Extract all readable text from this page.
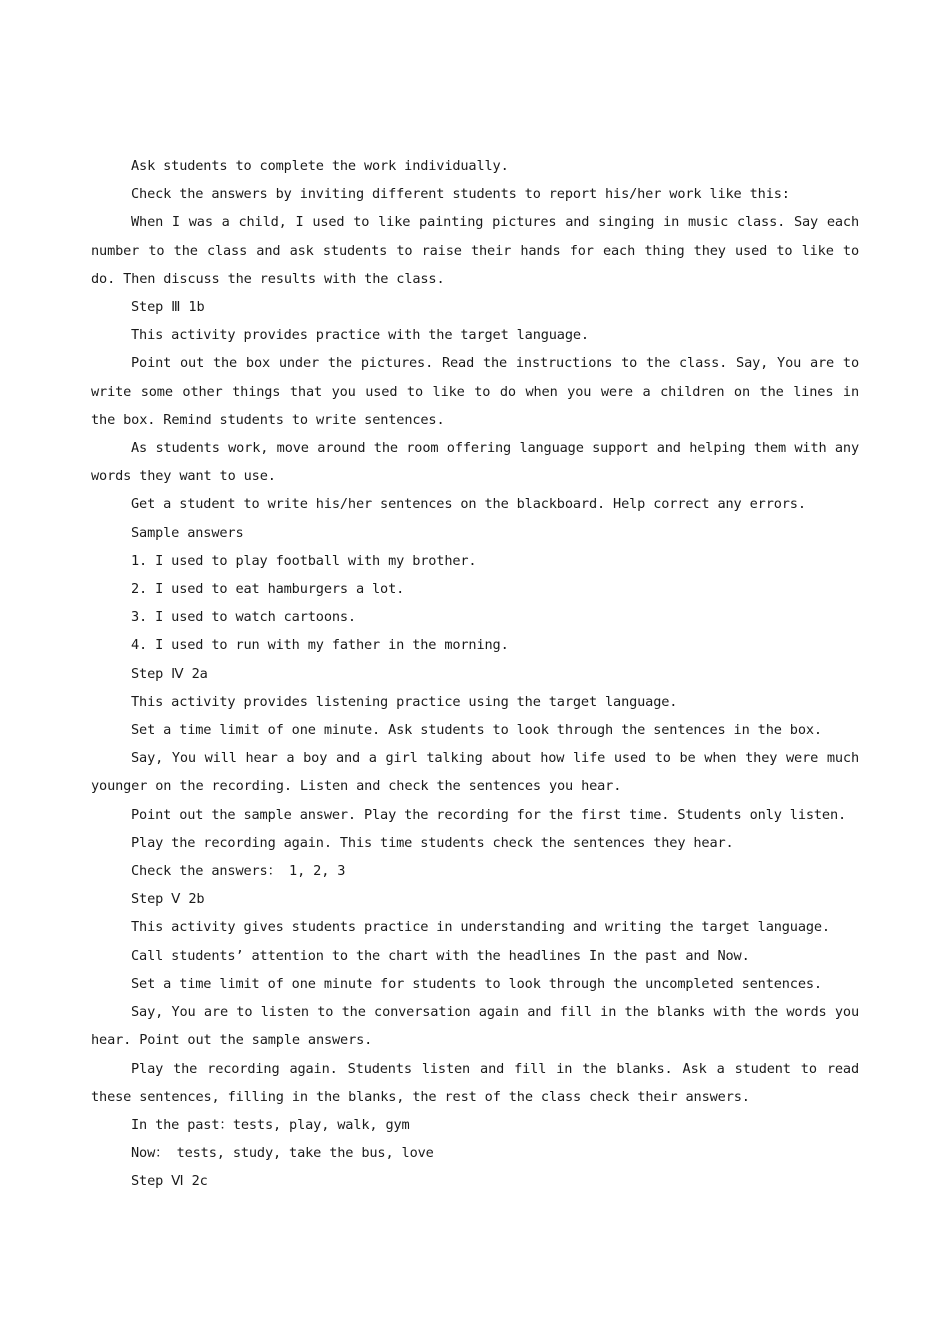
Ask students to complete the work individually.

Check the answers by inviting different students to report his/her work like this:

When I was a child, I used to like painting pictures and singing in music class. Say each number to the class and ask students to raise their hands for each thing they used to like to do. Then discuss the results with the class.

Step Ⅲ 1b

This activity provides practice with the target language.

Point out the box under the pictures. Read the instructions to the class. Say, You are to write some other things that you used to like to do when you were a children on the lines in the box. Remind students to write sentences.

As students work, move around the room offering language support and helping them with any words they want to use.

Get a student to write his/her sentences on the blackboard. Help correct any errors.

Sample answers

1. I used to play football with my brother.

2. I used to eat hamburgers a lot.

3. I used to watch cartoons.

4. I used to run with my father in the morning.

Step Ⅳ 2a

This activity provides listening practice using the target language.

Set a time limit of one minute. Ask students to look through the sentences in the box.

Say, You will hear a boy and a girl talking about how life used to be when they were much younger on the recording. Listen and check the sentences you hear.

Point out the sample answer. Play the recording for the first time. Students only listen.

Play the recording again. This time students check the sentences they hear.

Check the answers： 1, 2, 3

Step Ⅴ 2b

This activity gives students practice in understanding and writing the target language.

Call students’ attention to the chart with the headlines In the past and Now.

Set a time limit of one minute for students to look through the uncompleted sentences.

Say, You are to listen to the conversation again and fill in the blanks with the words you hear. Point out the sample answers.

Play the recording again. Students listen and fill in the blanks. Ask a student to read these sentences, filling in the blanks, the rest of the class check their answers.

In the past：tests, play, walk, gym

Now： tests, study, take the bus, love

Step Ⅵ 2c
